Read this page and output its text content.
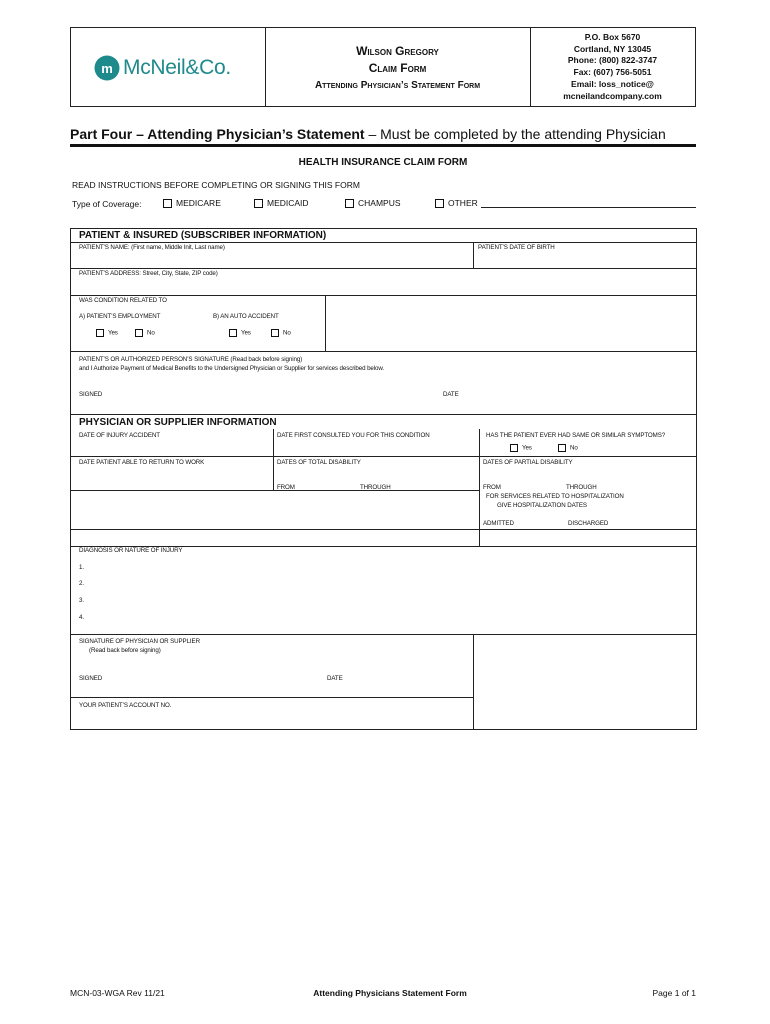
m McNeil&Co.
Wilson Gregory
Claim Form
Attending Physician’s Statement Form
P.O. Box 5670
Cortland, NY 13045
Phone: (800) 822-3747
Fax: (607) 756-5051
Email: loss_notice@
mcneilandcompany.com
Part Four – Attending Physician’s Statement – Must be completed by the attending Physician
HEALTH INSURANCE CLAIM FORM
READ INSTRUCTIONS BEFORE COMPLETING OR SIGNING THIS FORM
Type of Coverage:	MEDICARE	MEDICAID	CHAMPUS	OTHER
PATIENT & INSURED (SUBSCRIBER INFORMATION)
PATIENT’S NAME: (First name, Middle Init, Last name)	PATIENT’S DATE OF BIRTH
PATIENT’S ADDRESS: Street, City, State, ZIP code)
WAS CONDITION RELATED TO
A) PATIENT’S EMPLOYMENT	B) AN AUTO ACCIDENT
Yes	No	Yes	No
PATIENT’S OR AUTHORIZED PERSON’S SIGNATURE (Read back before signing)
and I Authorize Payment of Medical Benefits to the Undersigned Physician or Supplier for services described below.
SIGNED	DATE
PHYSICIAN OR SUPPLIER INFORMATION
DATE OF INJURY ACCIDENT	DATE FIRST CONSULTED YOU FOR THIS CONDITION	HAS THE PATIENT EVER HAD SAME OR SIMILAR SYMPTOMS?
Yes	No
DATE PATIENT ABLE TO RETURN TO WORK	DATES OF TOTAL DISABILITY	DATES OF PARTIAL DISABILITY
FROM	THROUGH	FROM	THROUGH
FOR SERVICES RELATED TO HOSPITALIZATION
GIVE HOSPITALIZATION DATES
ADMITTED	DISCHARGED
DIAGNOSIS OR NATURE OF INJURY
1.
2.
3.
4.
SIGNATURE OF PHYSICIAN OR SUPPLIER
(Read back before signing)
SIGNED	DATE
YOUR PATIENT’S ACCOUNT NO.
MCN-03-WGA Rev 11/21	Attending Physicians Statement Form	Page 1 of 1
